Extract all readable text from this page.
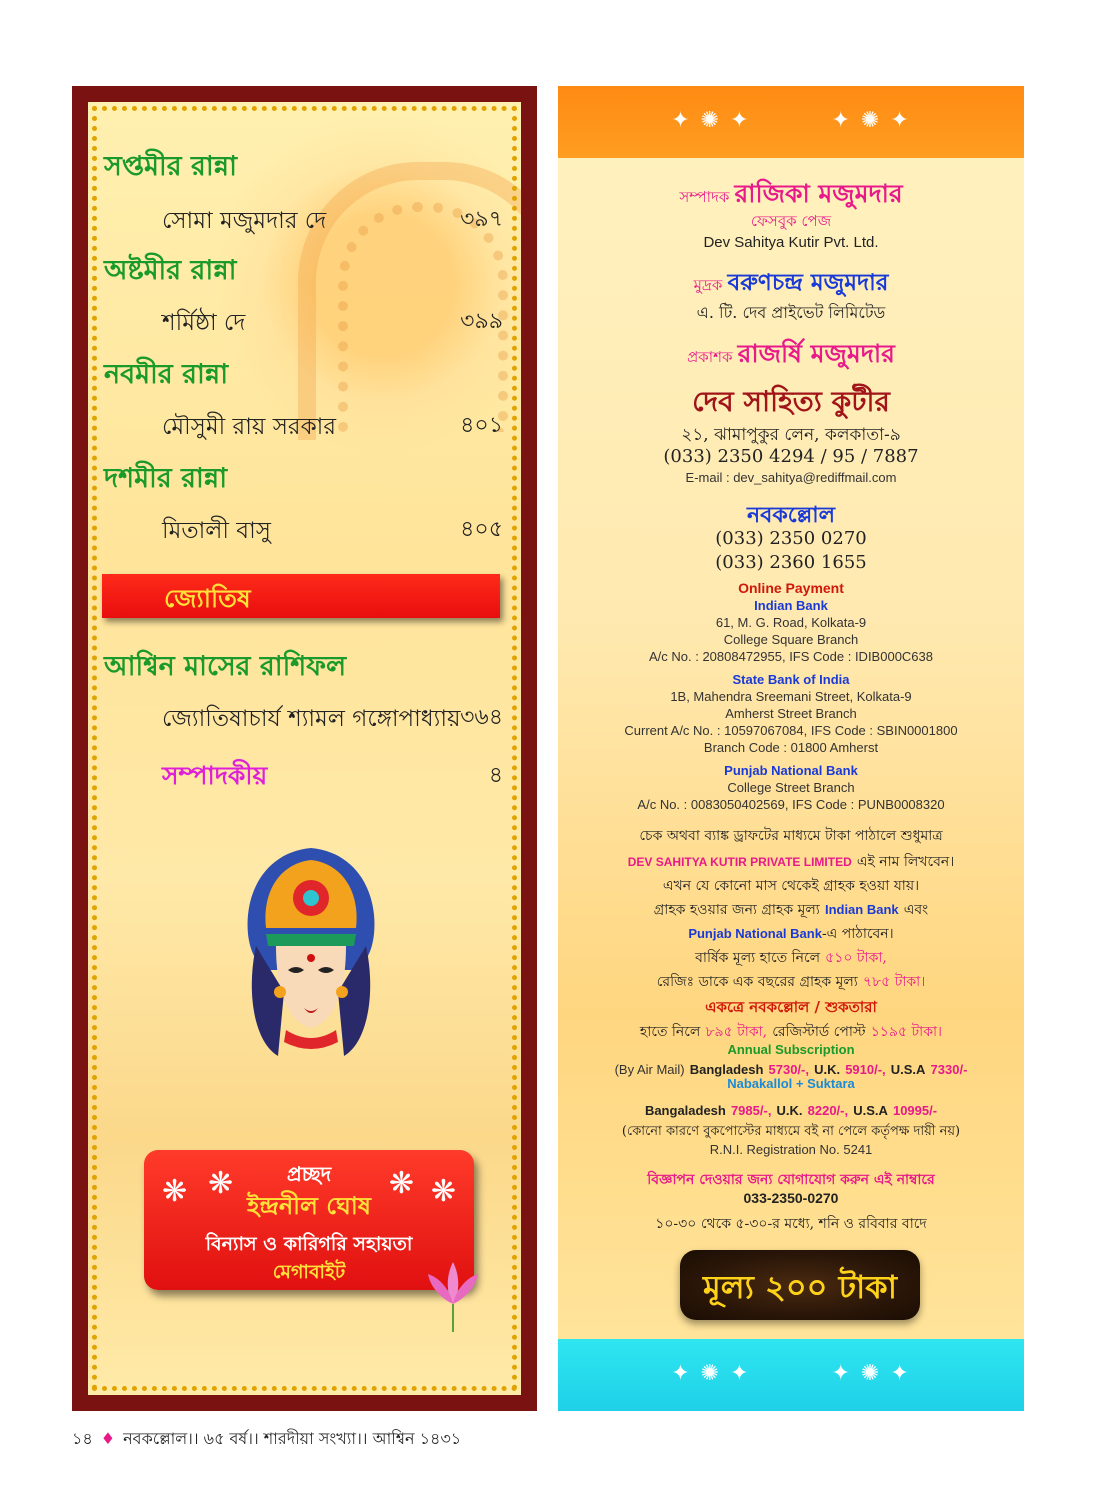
সপ্তমীর রান্না
সোমা মজুমদার দে	৩৯৭
অষ্টমীর রান্না
শর্মিষ্ঠা দে	৩৯৯
নবমীর রান্না
মৌসুমী রায় সরকার	৪০১
দশমীর রান্না
মিতালী বাসু	৪০৫
জ্যোতিষ
আশ্বিন মাসের রাশিফল
জ্যোতিষাচার্য শ্যামল গঙ্গোপাধ্যায় ৩৬৪
সম্পাদকীয়	৪
❋ ❋	❋ ❋
প্রচ্ছদ
ইন্দ্রনীল ঘোষ
বিন্যাস ও কারিগরি সহায়তা
মেগাবাইট
✦ ✺ ✦         ✦ ✺ ✦
সম্পাদক রাজিকা মজুমদার
ফেসবুক পেজ
Dev Sahitya Kutir Pvt. Ltd.
মুদ্রক বরুণচন্দ্র মজুমদার
এ. টি. দেব প্রাইভেট লিমিটেড
প্রকাশক রাজর্ষি মজুমদার
দেব সাহিত্য কুটীর
২১, ঝামাপুকুর লেন, কলকাতা-৯
(033) 2350 4294 / 95 / 7887
E-mail : dev_sahitya@rediffmail.com
নবকল্লোল
(033) 2350 0270
(033) 2360 1655
Online Payment
Indian Bank
61, M. G. Road, Kolkata-9
College Square Branch
A/c No. : 20808472955, IFS Code : IDIB000C638
State Bank of India
1B, Mahendra Sreemani Street, Kolkata-9
Amherst Street Branch
Current A/c No. : 10597067084, IFS Code : SBIN0001800
Branch Code : 01800 Amherst
Punjab National Bank
College Street Branch
A/c No. : 0083050402569, IFS Code : PUNB0008320
চেক অথবা ব্যাঙ্ক ড্রাফটের মাধ্যমে টাকা পাঠালে শুধুমাত্র
DEV SAHITYA KUTIR PRIVATE LIMITED এই নাম লিখবেন।
এখন যে কোনো মাস থেকেই গ্রাহক হওয়া যায়।
গ্রাহক হওয়ার জন্য গ্রাহক মূল্য Indian Bank এবং
Punjab National Bank-এ পাঠাবেন।
বার্ষিক মূল্য হাতে নিলে ৫১০ টাকা,
রেজিঃ ডাকে এক বছরের গ্রাহক মূল্য ৭৮৫ টাকা।
একত্রে নবকল্লোল / শুকতারা
হাতে নিলে ৮৯৫ টাকা, রেজিস্টার্ড পোস্ট ১১৯৫ টাকা।
Annual Subscription
(By Air Mail) Bangladesh 5730/-, U.K. 5910/-, U.S.A 7330/-
Nabakallol + Suktara
Bangaladesh 7985/-, U.K. 8220/-, U.S.A 10995/-
(কোনো কারণে বুকপোস্টের মাধ্যমে বই না পেলে কর্তৃপক্ষ দায়ী নয়)
R.N.I. Registration No. 5241
বিজ্ঞাপন দেওয়ার জন্য যোগাযোগ করুন এই নাম্বারে
033-2350-0270
১০-৩০ থেকে ৫-৩০-র মধ্যে, শনি ও রবিবার বাদে
মূল্য ২০০ টাকা
✦ ✺ ✦         ✦ ✺ ✦
১৪ ♦ নবকল্লোল।। ৬৫ বর্ষ।। শারদীয়া সংখ্যা।। আশ্বিন ১৪৩১
